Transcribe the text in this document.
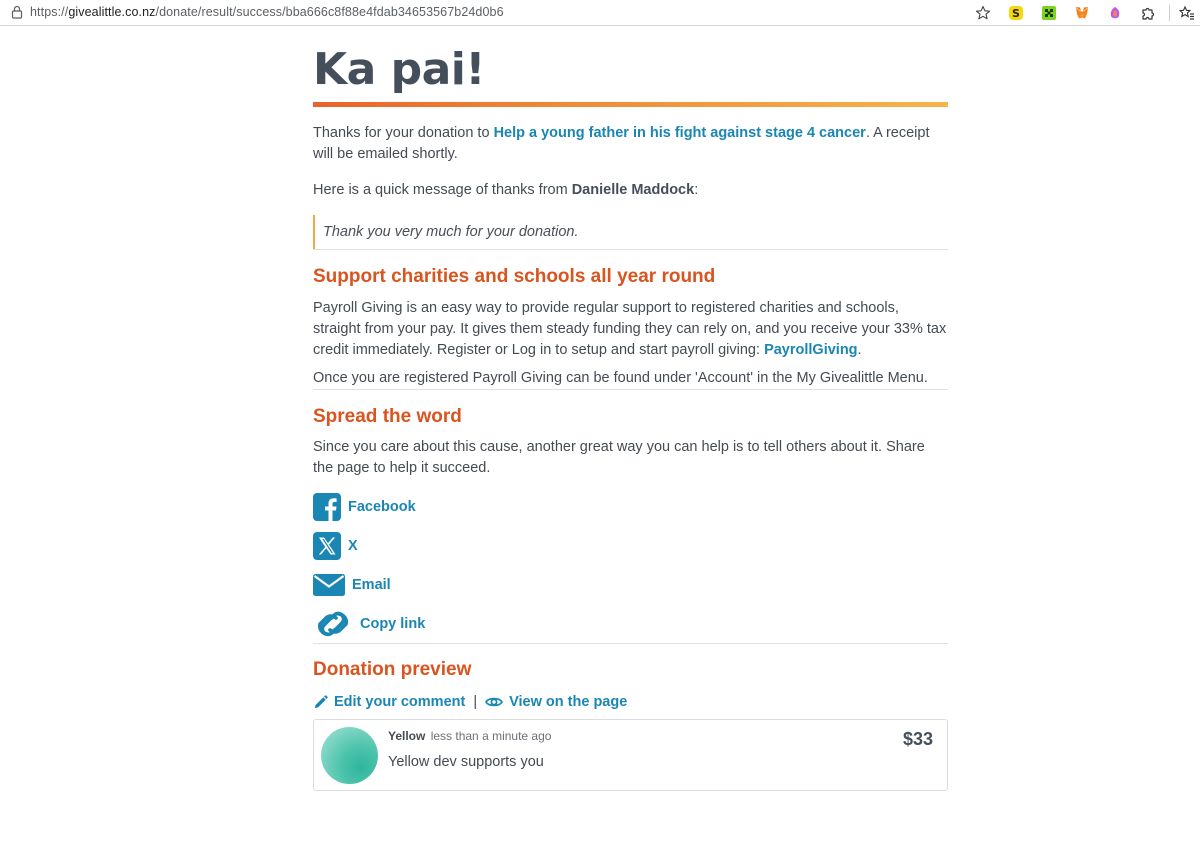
https://givealittle.co.nz/donate/result/success/bba666c8f88e4fdab34653567b24d0b6	S
Ka pai!

Thanks for your donation to Help a young father in his fight against stage 4 cancer. A receipt will be emailed shortly.

Here is a quick message of thanks from Danielle Maddock:

Thank you very much for your donation.
Support charities and schools all year round

Payroll Giving is an easy way to provide regular support to registered charities and schools, straight from your pay. It gives them steady funding they can rely on, and you receive your 33% tax credit immediately. Register or Log in to setup and start payroll giving: PayrollGiving.

Once you are registered Payroll Giving can be found under 'Account' in the My Givealittle Menu.

Spread the word

Since you care about this cause, another great way you can help is to tell others about it. Share the page to help it succeed.

Facebook
X
Email
Copy link
Donation preview
Edit your comment | View on the page
Yellow less than a minute ago
Yellow dev supports you
$33
